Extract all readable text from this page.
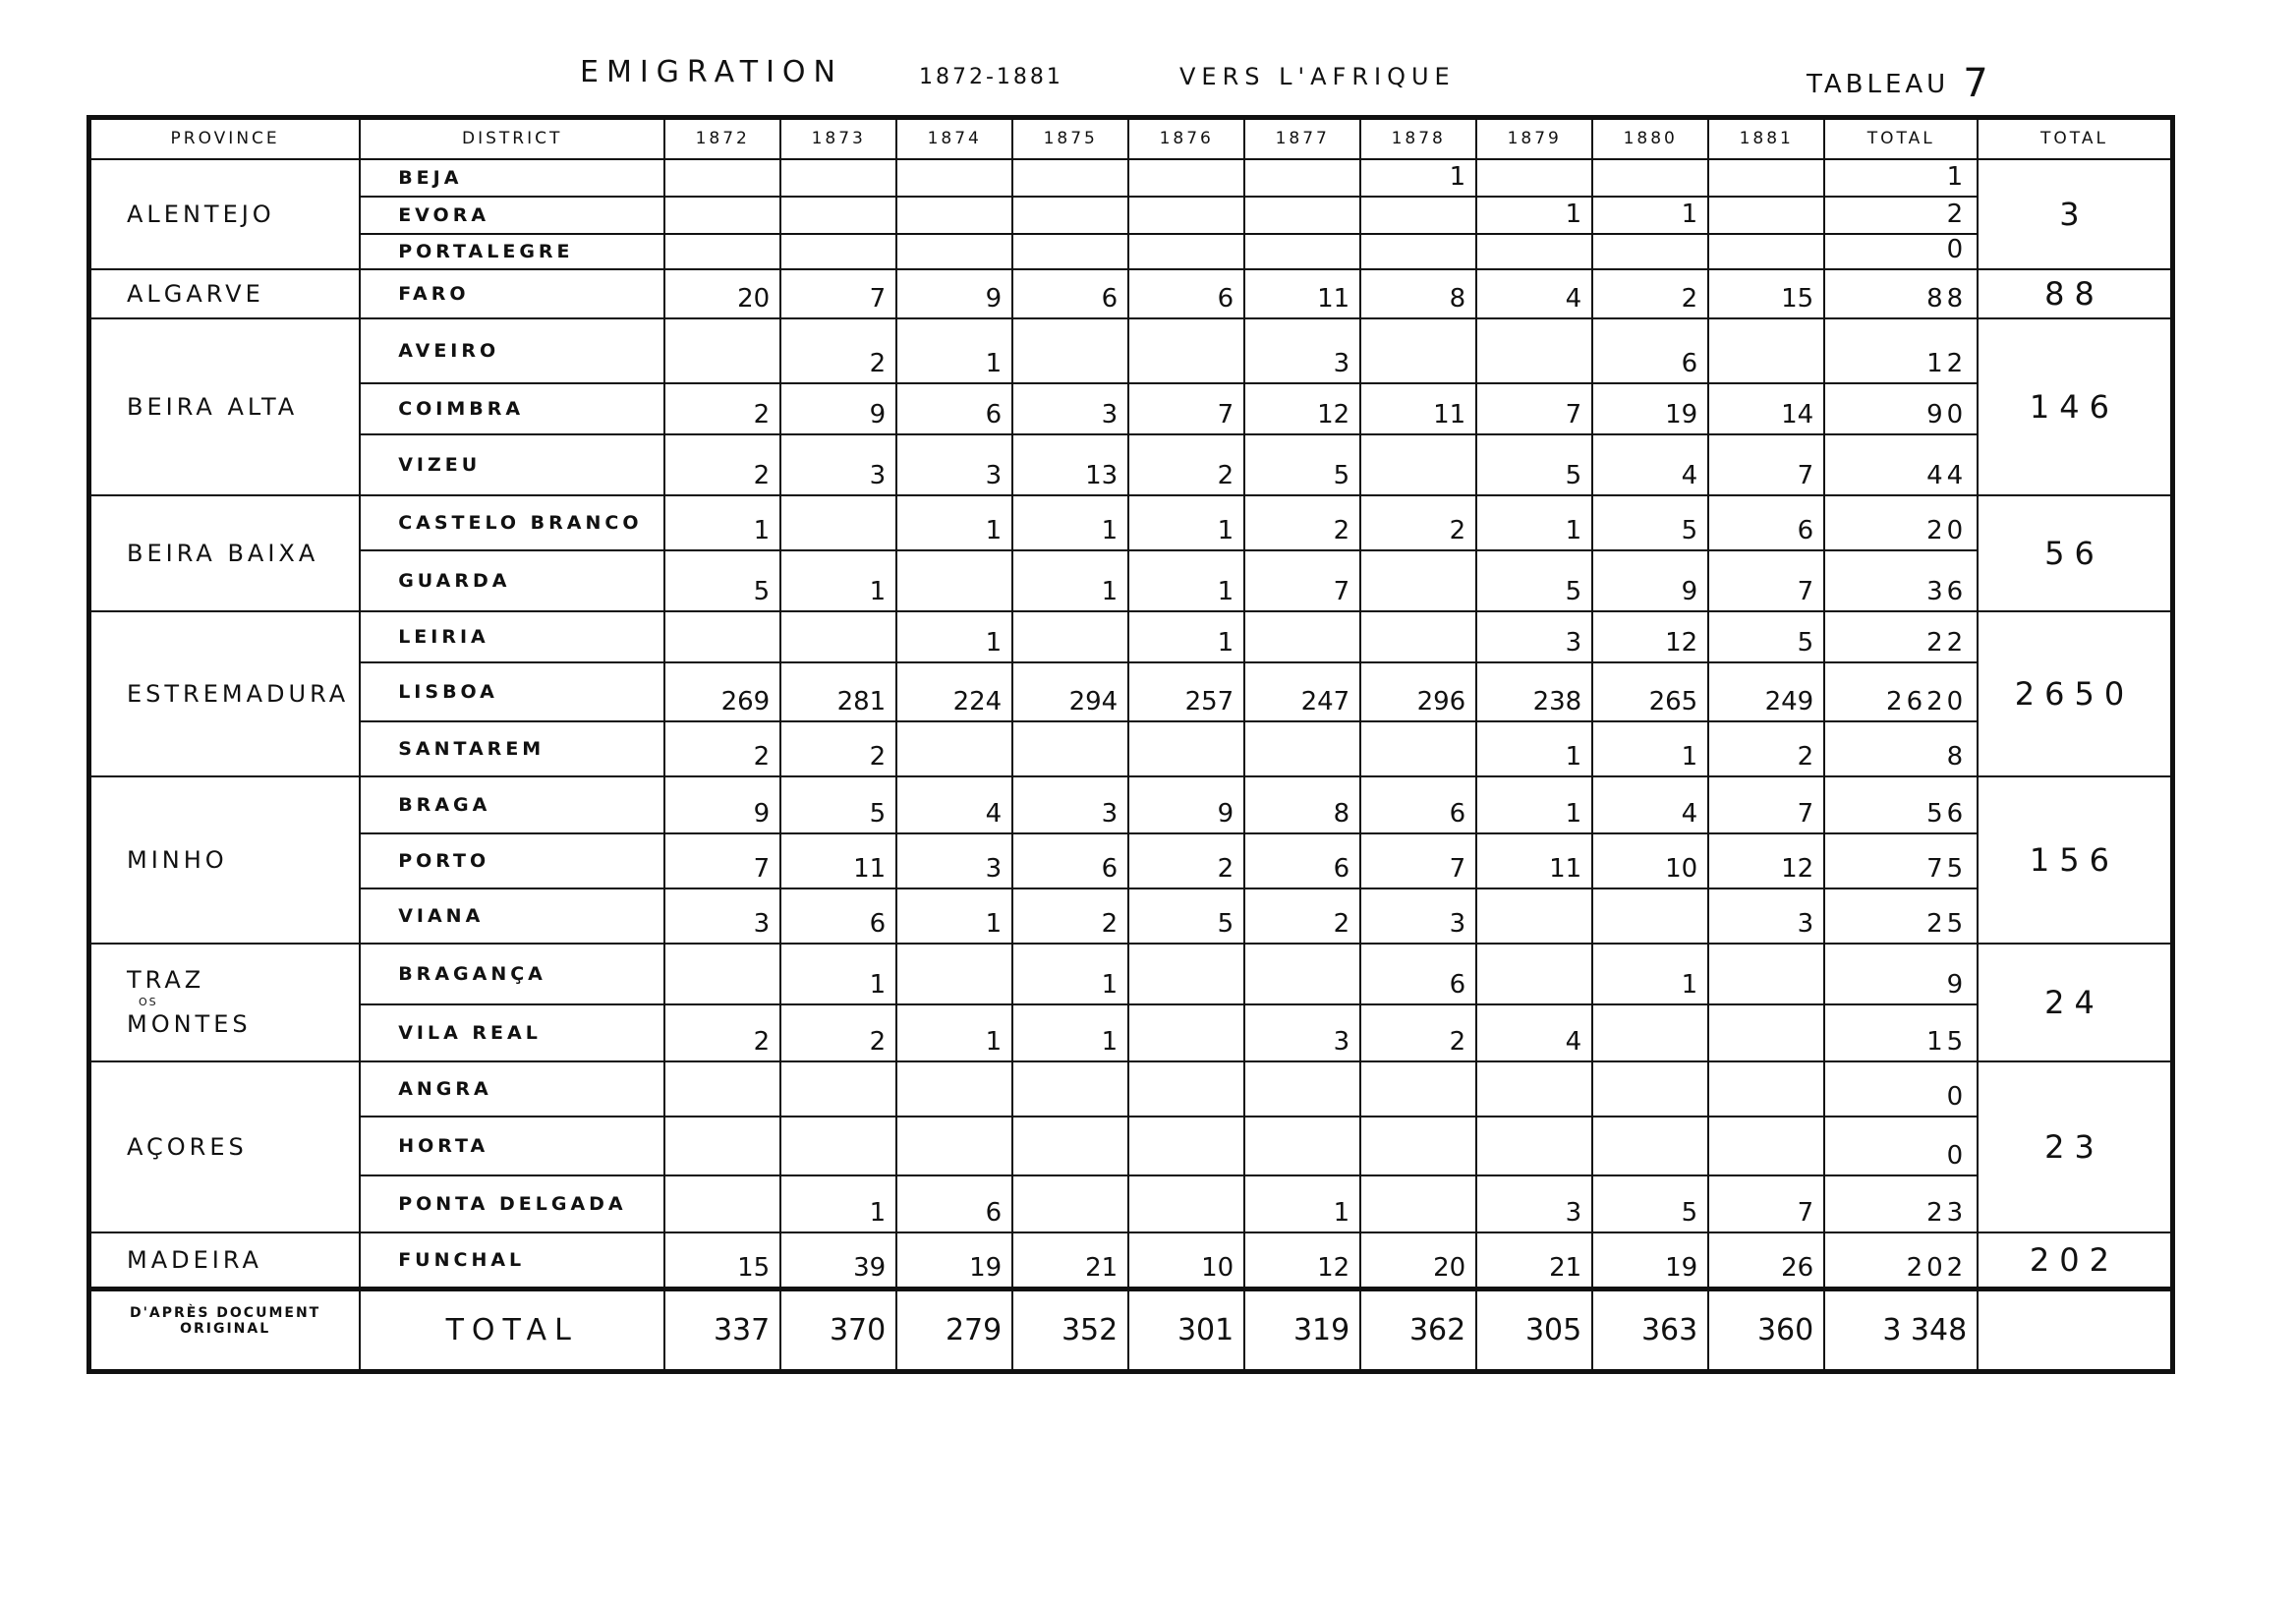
EMIGRATION	1872-1881	VERS L'AFRIQUE	TABLEAU 7
PROVINCE	DISTRICT	1872	1873	1874	1875	1876	1877	1878	1879	1880	1881	TOTAL	TOTAL
ALENTEJO	BEJA							1				1	3
	EVORA								1	1		2	
	PORTALEGRE											0	
ALGARVE	FARO	20	7	9	6	6	11	8	4	2	15	88	88
BEIRA ALTA	AVEIRO		2	1			3			6		12	146
	COIMBRA	2	9	6	3	7	12	11	7	19	14	90	
	VIZEU	2	3	3	13	2	5		5	4	7	44	
BEIRA BAIXA	CASTELO BRANCO	1		1	1	1	2	2	1	5	6	20	56
	GUARDA	5	1		1	1	7		5	9	7	36	
ESTREMADURA	LEIRIA			1		1			3	12	5	22	2650
	LISBOA	269	281	224	294	257	247	296	238	265	249	2620	
	SANTAREM	2	2						1	1	2	8	
MINHO	BRAGA	9	5	4	3	9	8	6	1	4	7	56	156
	PORTO	7	11	3	6	2	6	7	11	10	12	75	
	VIANA	3	6	1	2	5	2	3			3	25	
TRAZ
OS
MONTES	BRAGANÇA		1		1			6		1		9	24
	VILA REAL	2	2	1	1		3	2	4			15	
AÇORES	ANGRA											0	23
	HORTA											0	
	PONTA DELGADA		1	6			1		3	5	7	23	
MADEIRA	FUNCHAL	15	39	19	21	10	12	20	21	19	26	202	202

D'APRÈS DOCUMENT
ORIGINAL	TOTAL	337	370	279	352	301	319	362	305	363	360	3 348	
